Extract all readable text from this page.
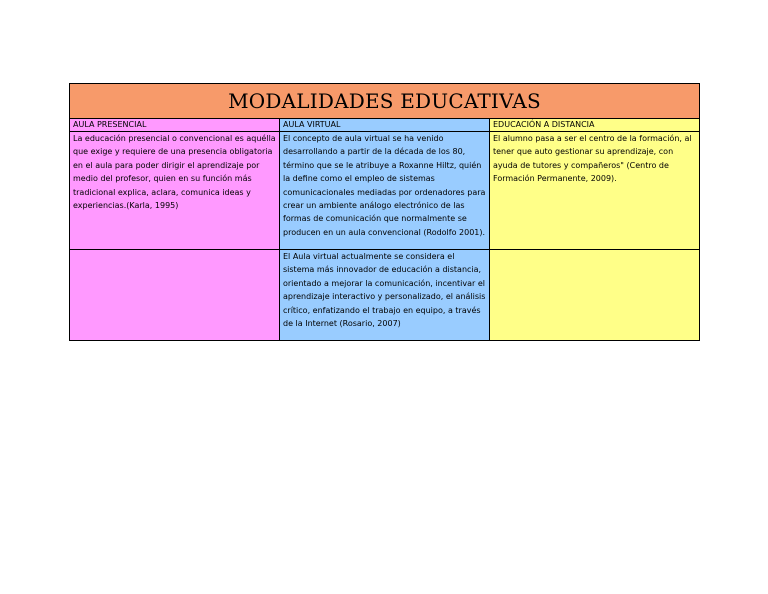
MODALIDADES EDUCATIVAS
AULA PRESENCIAL	AULA VIRTUAL	EDUCACIÓN A DISTANCIA
La educación presencial o convencional es aquélla que exige y requiere de una presencia obligatoria en el aula para poder dirigir el aprendizaje por medio del profesor, quien en su función más tradicional explica, aclara, comunica ideas y experiencias.(Karla, 1995)
El concepto de aula virtual se ha venido desarrollando a partir de la década de los 80, término que se le atribuye a Roxanne Hiltz, quién la define como el empleo de sistemas comunicacionales mediadas por ordenadores para crear un ambiente análogo electrónico de las formas de comunicación que normalmente se producen en un aula convencional (Rodolfo 2001).
El alumno pasa a ser el centro de la formación, al tener que auto gestionar su aprendizaje, con ayuda de tutores y compañeros" (Centro de Formación Permanente, 2009).
El Aula virtual actualmente se considera el sistema más innovador de educación a distancia, orientado a mejorar la comunicación, incentivar el aprendizaje interactivo y personalizado, el análisis crítico, enfatizando el trabajo en equipo, a través de la Internet (Rosario, 2007)
